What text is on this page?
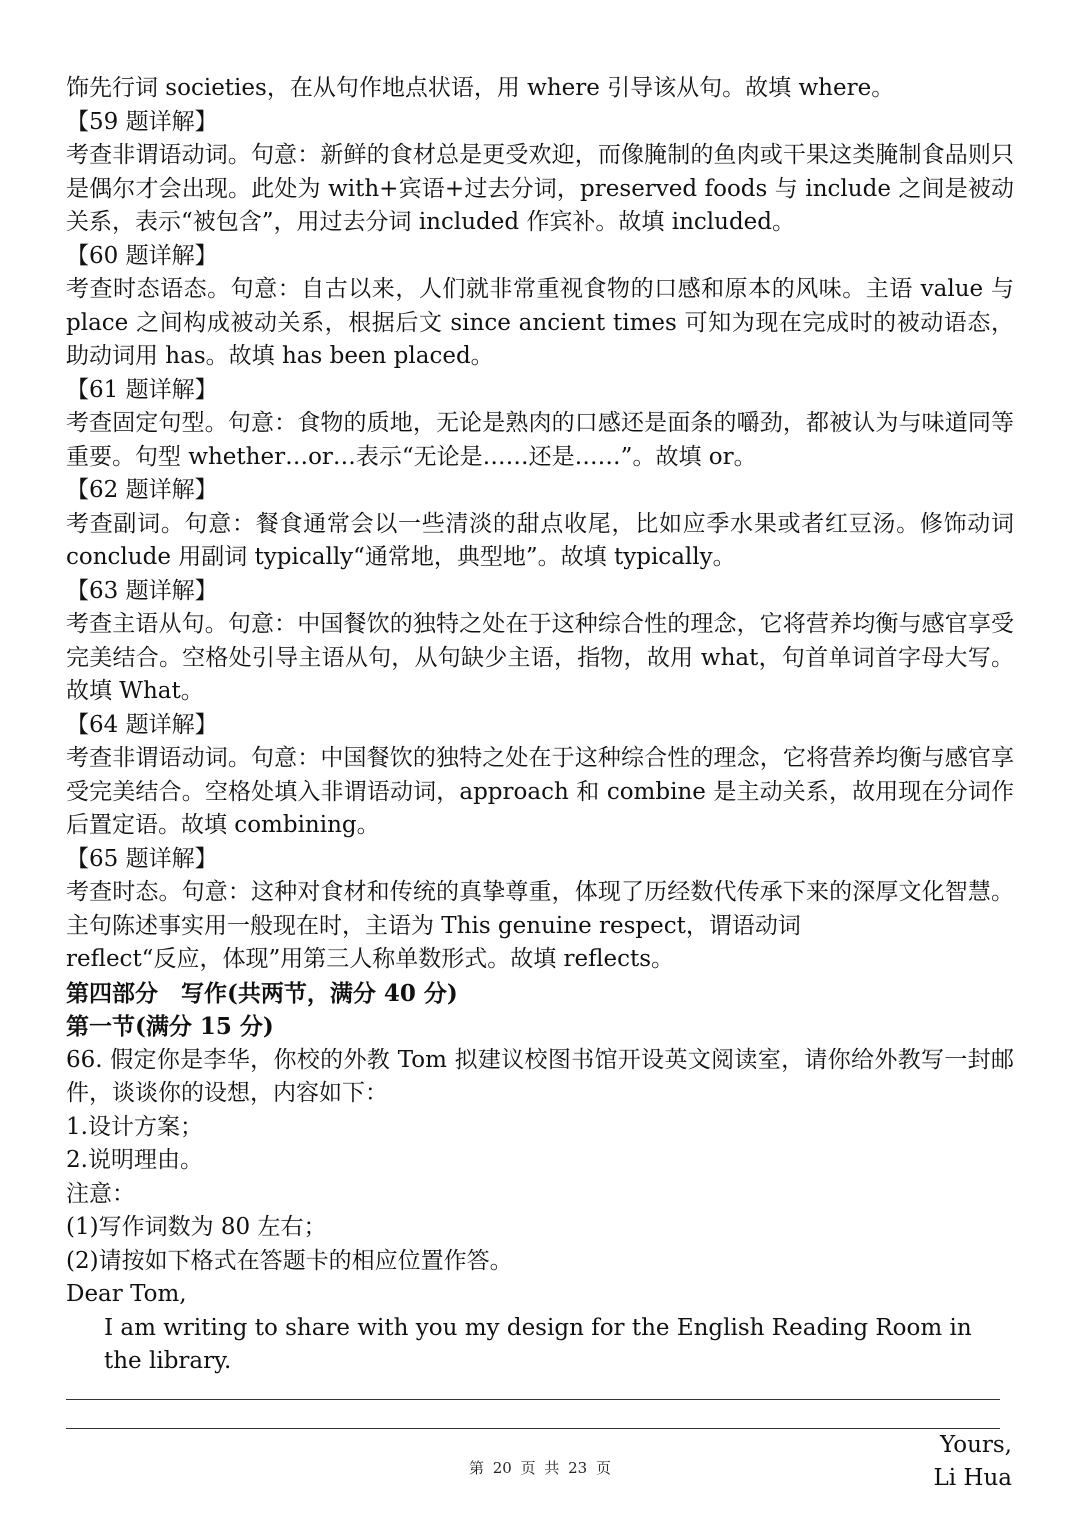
饰先行词 societies，在从句作地点状语，用 where 引导该从句。故填 where。

【59 题详解】

考查非谓语动词。句意：新鲜的食材总是更受欢迎，而像腌制的鱼肉或干果这类腌制食品则只是偶尔才会出现。此处为 with+宾语+过去分词，preserved foods 与 include 之间是被动关系，表示“被包含”，用过去分词 included 作宾补。故填 included。

【60 题详解】

考查时态语态。句意：自古以来，人们就非常重视食物的口感和原本的风味。主语 value 与 place 之间构成被动关系，根据后文 since ancient times 可知为现在完成时的被动语态，助动词用 has。故填 has been placed。

【61 题详解】

考查固定句型。句意：食物的质地，无论是熟肉的口感还是面条的嚼劲，都被认为与味道同等重要。句型 whether…or…表示“无论是……还是……”。故填 or。

【62 题详解】

考查副词。句意：餐食通常会以一些清淡的甜点收尾，比如应季水果或者红豆汤。修饰动词 conclude 用副词 typically“通常地，典型地”。故填 typically。

【63 题详解】

考查主语从句。句意：中国餐饮的独特之处在于这种综合性的理念，它将营养均衡与感官享受完美结合。空格处引导主语从句，从句缺少主语，指物，故用 what，句首单词首字母大写。故填 What。

【64 题详解】

考查非谓语动词。句意：中国餐饮的独特之处在于这种综合性的理念，它将营养均衡与感官享受完美结合。空格处填入非谓语动词，approach 和 combine 是主动关系，故用现在分词作后置定语。故填 combining。

【65 题详解】

考查时态。句意：这种对食材和传统的真挚尊重，体现了历经数代传承下来的深厚文化智慧。主句陈述事实用一般现在时，主语为 This genuine respect，谓语动词

reflect“反应，体现”用第三人称单数形式。故填 reflects。

第四部分　写作(共两节，满分 40 分)

第一节(满分 15 分)

66. 假定你是李华，你校的外教 Tom 拟建议校图书馆开设英文阅读室，请你给外教写一封邮件，谈谈你的设想，内容如下：

1.设计方案；

2.说明理由。

注意：

(1)写作词数为 80 左右；

(2)请按如下格式在答题卡的相应位置作答。

Dear Tom,

I am writing to share with you my design for the English Reading Room in the library.

Yours,

Li Hua

第 20 页 共 23 页
